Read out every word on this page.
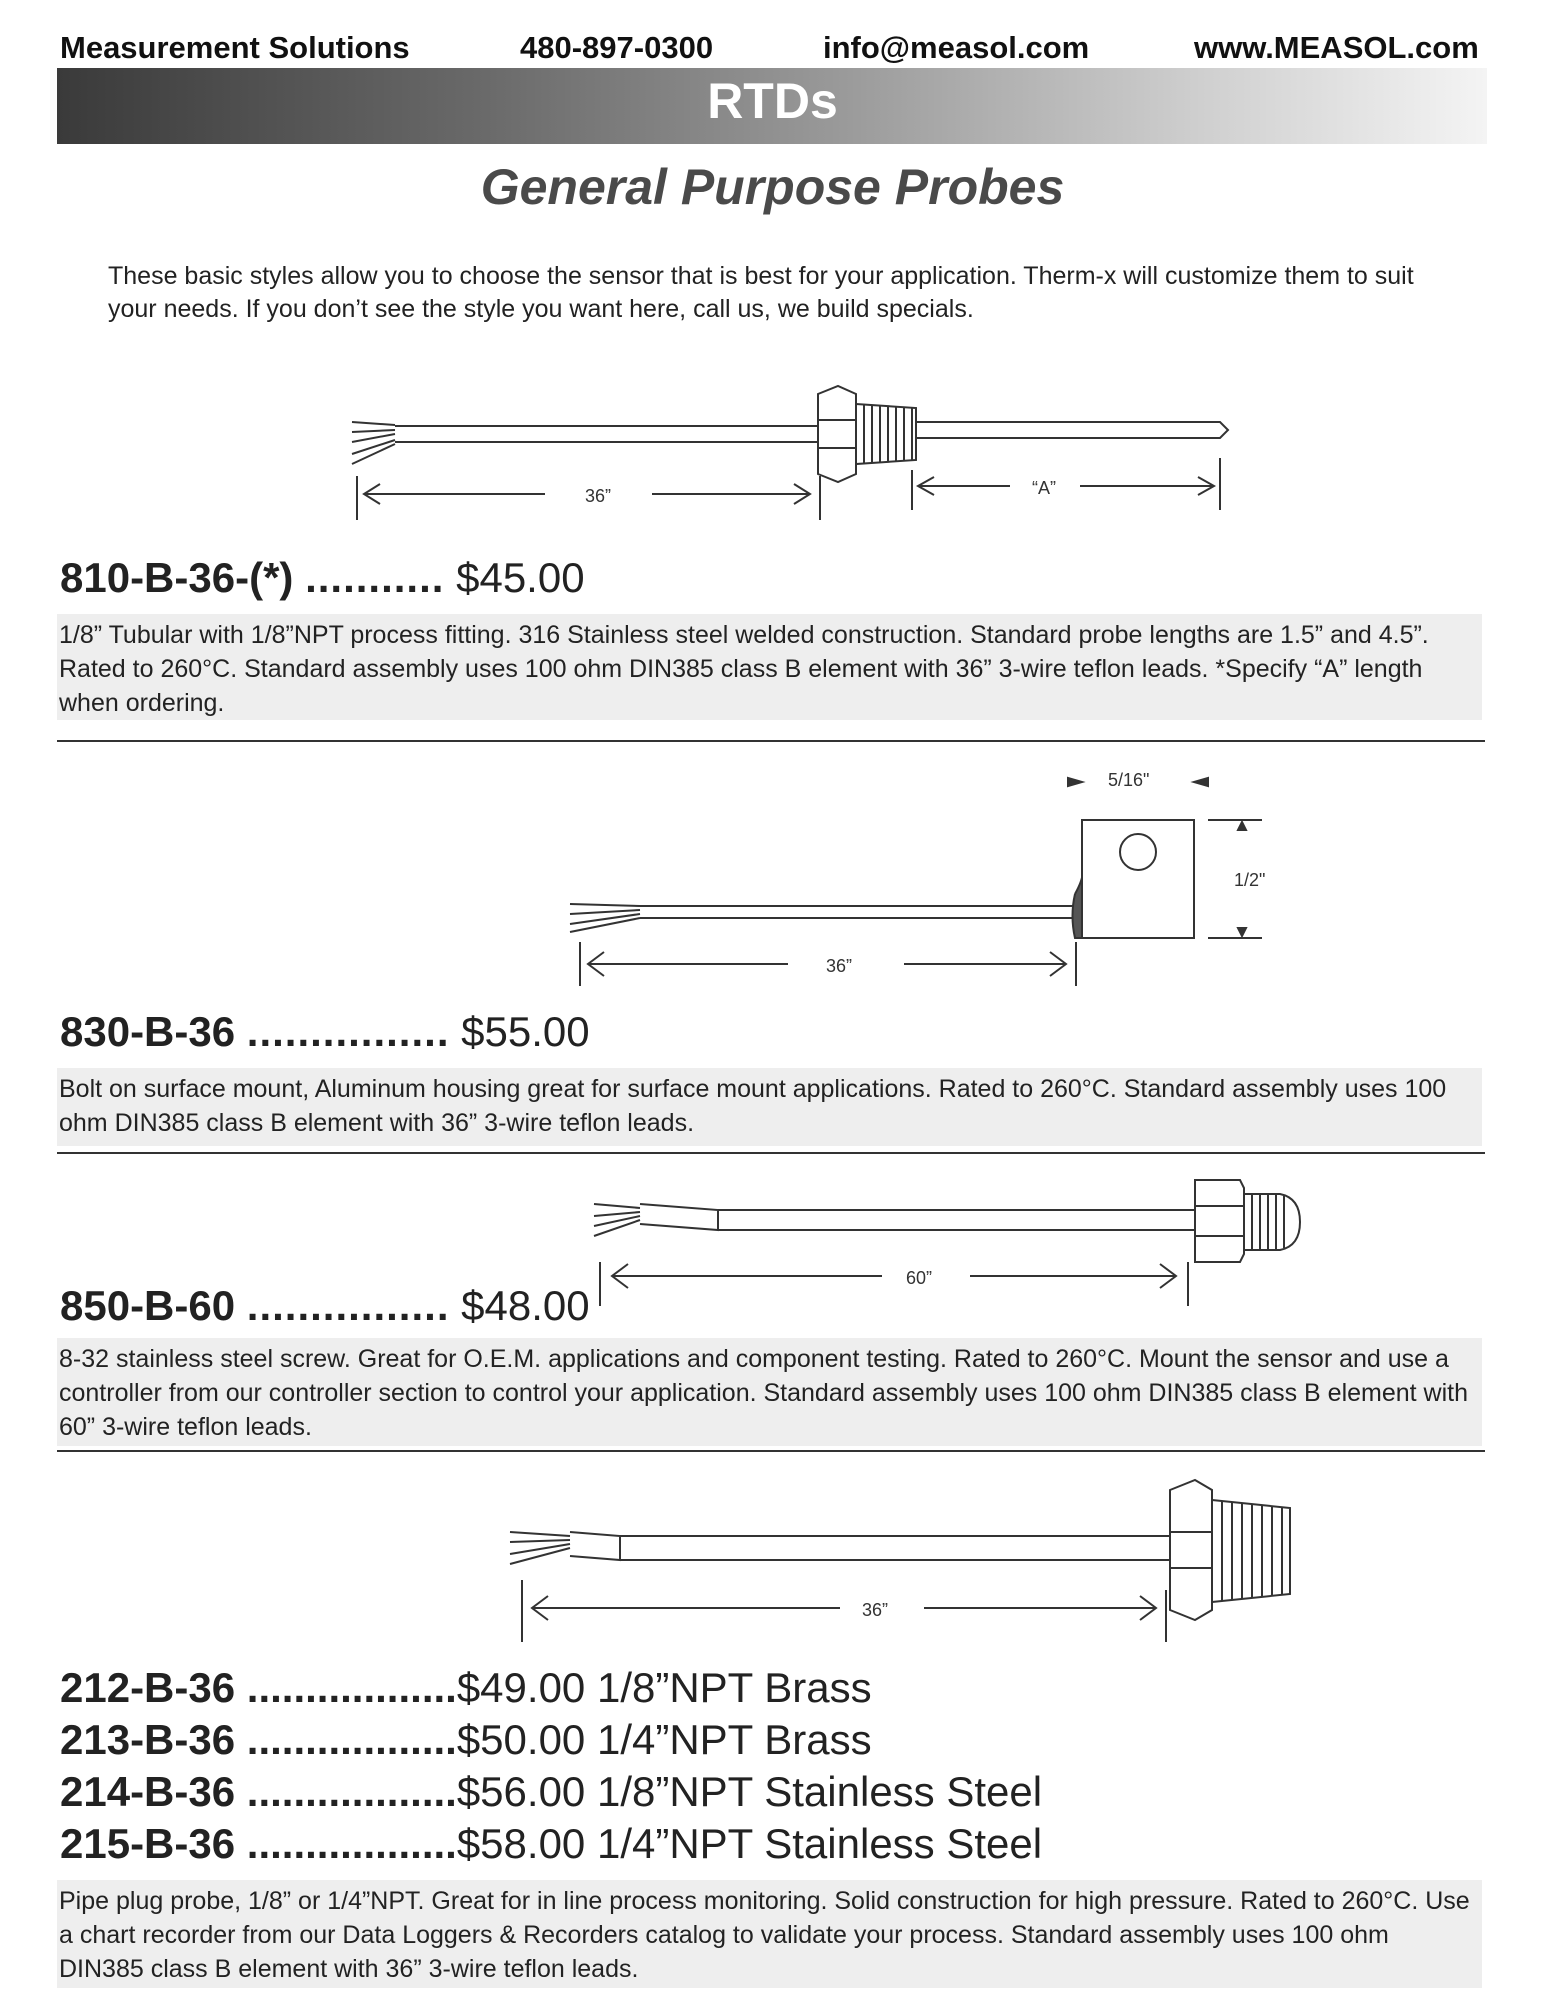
Measurement Solutions	480-897-0300	info@measol.com	www.MEASOL.com
RTDs
General Purpose Probes
These basic styles allow you to choose the sensor that is best for your application. Therm-x will customize them to suit your needs. If you don’t see the style you want here, call us, we build specials.
36”	“A”
810-B-36-(*) ........... $45.00
1/8” Tubular with 1/8”NPT process fitting. 316 Stainless steel welded construction. Standard probe lengths are 1.5” and 4.5”. Rated to 260°C. Standard assembly uses 100 ohm DIN385 class B element with 36” 3-wire teflon leads. *Specify “A” length when ordering.
5/16"
1/2"
36”
830-B-36 ................ $55.00
Bolt on surface mount, Aluminum housing great for surface mount applications. Rated to 260°C. Standard assembly uses 100 ohm DIN385 class B element with 36” 3-wire teflon leads.
60”
850-B-60 ................ $48.00
8-32 stainless steel screw. Great for O.E.M. applications and component testing. Rated to 260°C. Mount the sensor and use a controller from our controller section to control your application. Standard assembly uses 100 ohm DIN385 class B element with 60” 3-wire teflon leads.
36”
212-B-36 ..................$49.00 1/8”NPT Brass
213-B-36 ..................$50.00 1/4”NPT Brass
214-B-36 ..................$56.00 1/8”NPT Stainless Steel
215-B-36 ..................$58.00 1/4”NPT Stainless Steel
Pipe plug probe, 1/8” or 1/4”NPT. Great for in line process monitoring. Solid construction for high pressure. Rated to 260°C. Use a chart recorder from our Data Loggers & Recorders catalog to validate your process. Standard assembly uses 100 ohm DIN385 class B element with 36” 3-wire teflon leads.
